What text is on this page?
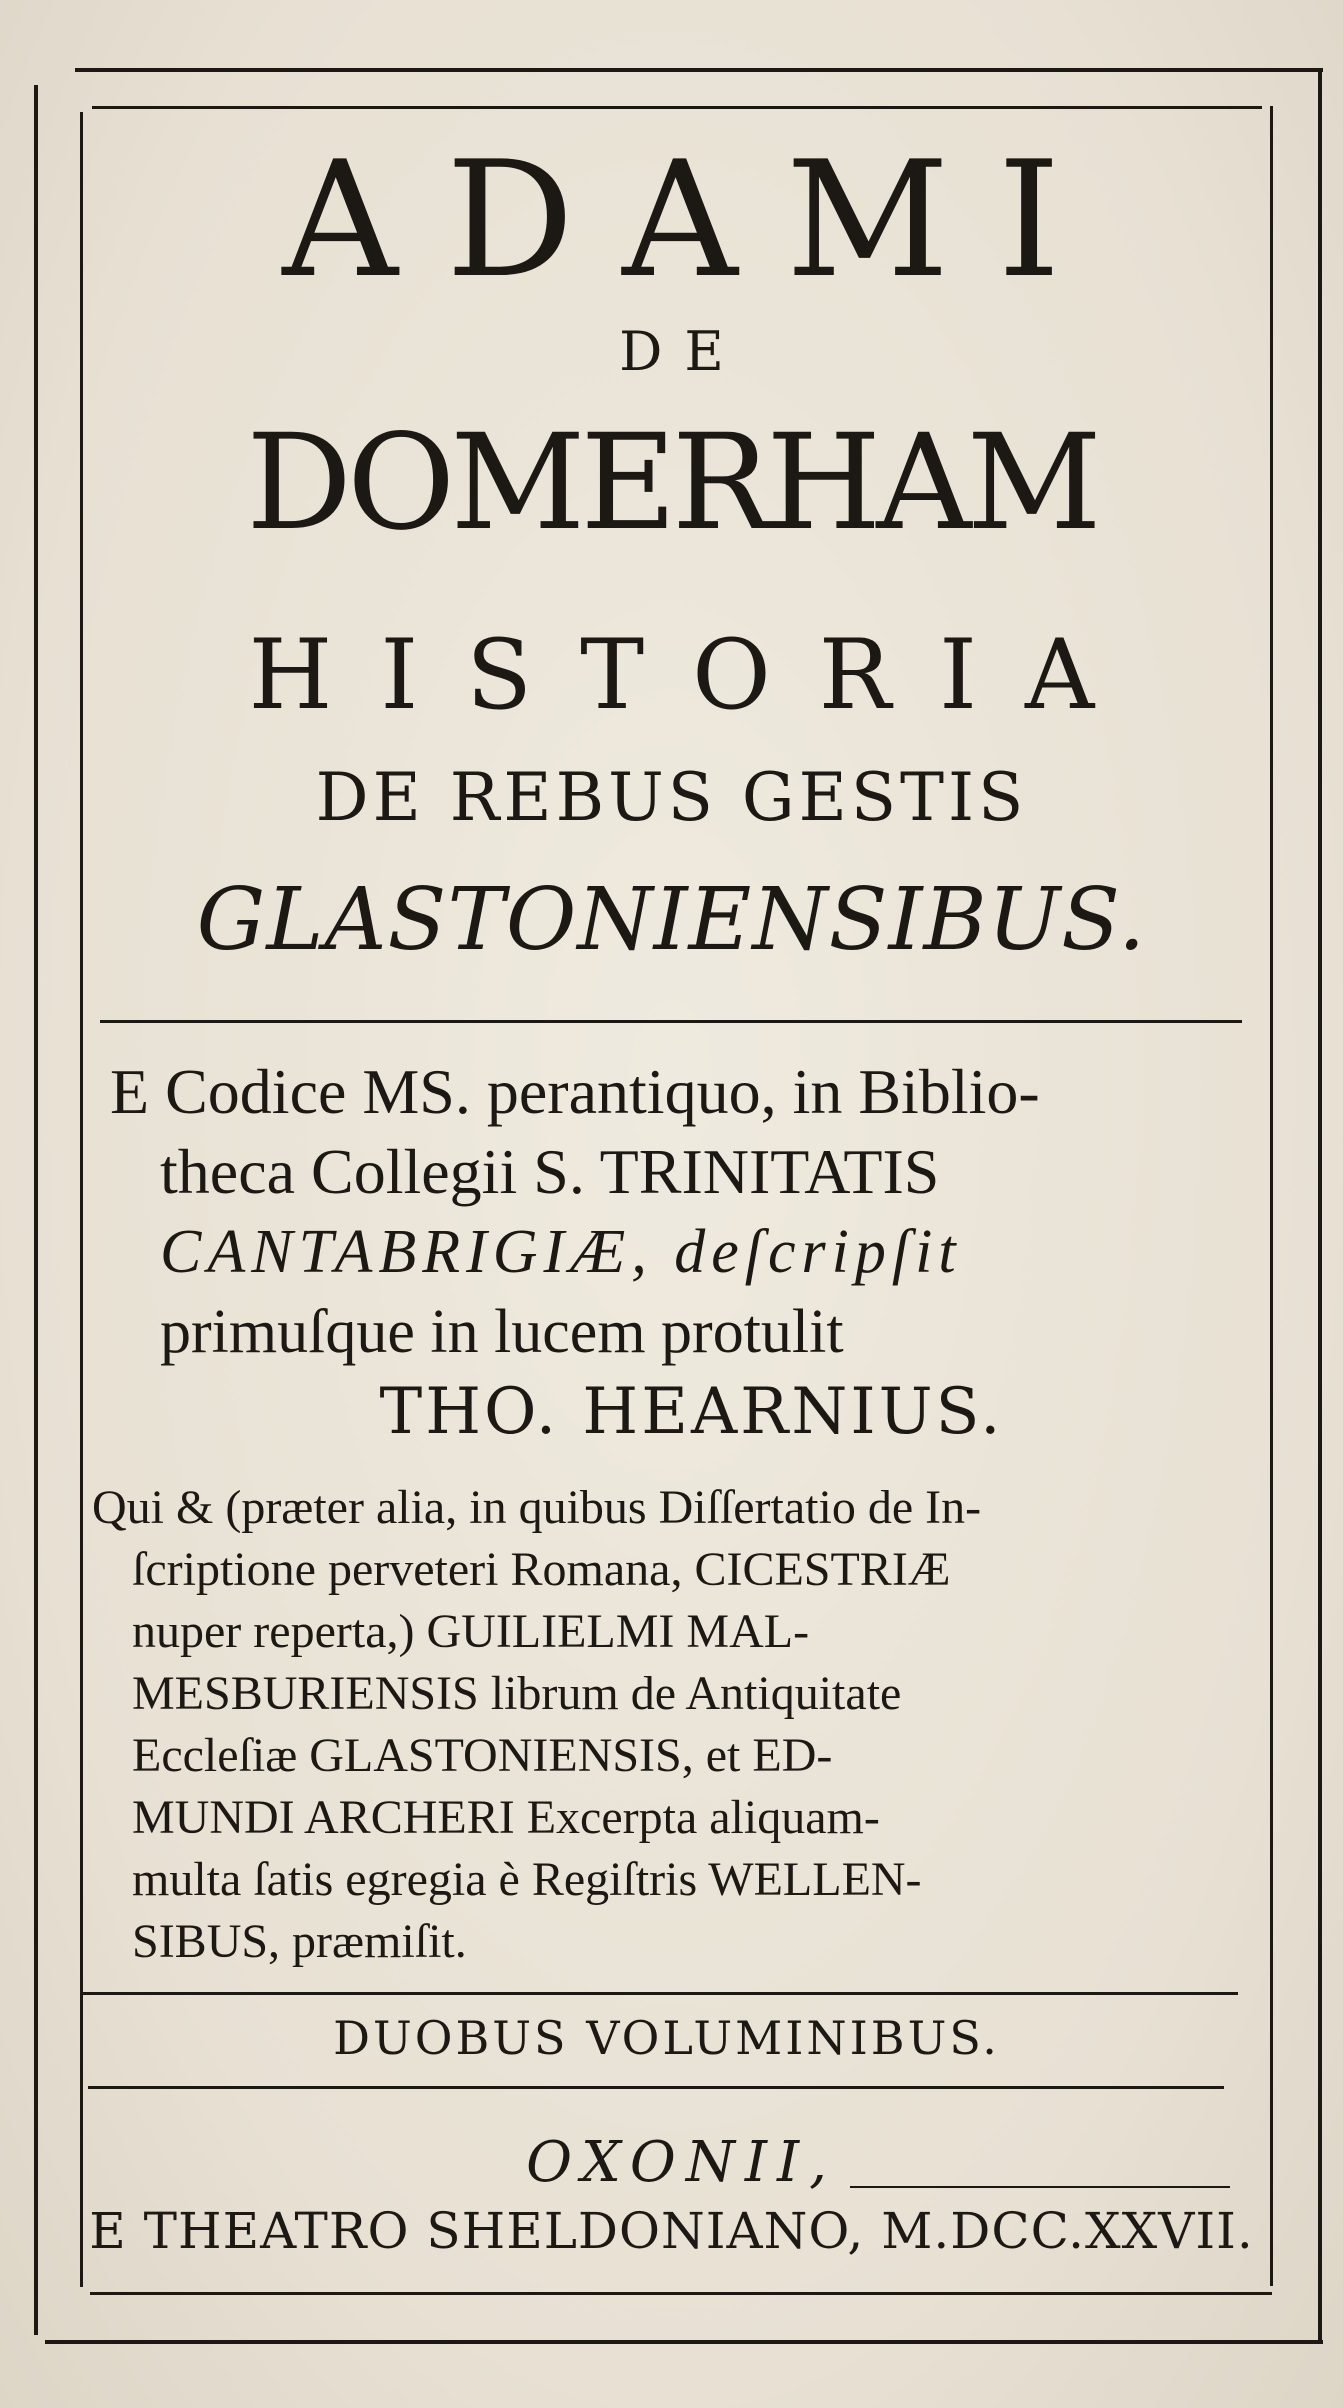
ADAMI
DE
DOMERHAM
HISTORIA
DE REBUS GESTIS
GLASTONIENSIBUS.
E Codice MS. perantiquo, in Biblio-
theca Collegii S. TRINITATIS
CANTABRIGIÆ, deſcripſit
primuſque in lucem protulit
THO. HEARNIUS.
Qui & (præter alia, in quibus Diſſertatio de In-
ſcriptione perveteri Romana, CICESTRIÆ
nuper reperta,) GUILIELMI MAL-
MESBURIENSIS librum de Antiquitate
Eccleſiæ GLASTONIENSIS, et ED-
MUNDI ARCHERI Excerpta aliquam-
multa ſatis egregia è Regiſtris WELLEN-
SIBUS, præmiſit.
DUOBUS VOLUMINIBUS.
OXONII,
E THEATRO SHELDONIANO, M.DCC.XXVII.
